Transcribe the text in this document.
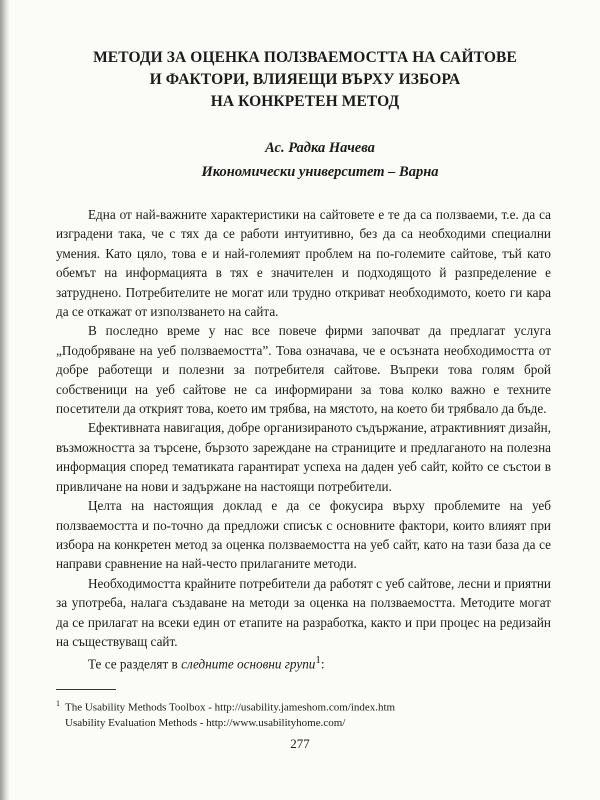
МЕТОДИ ЗА ОЦЕНКА ПОЛЗВАЕМОСТТА НА САЙТОВЕ
И ФАКТОРИ, ВЛИЯЕЩИ ВЪРХУ ИЗБОРА
НА КОНКРЕТЕН МЕТОД
Ас. Радка Начева
Икономически университет – Варна

Една от най-важните характеристики на сайтовете е те да са ползваеми, т.е. да са изградени така, че с тях да се работи интуитивно, без да са необходими специални умения. Като цяло, това е и най-големият проблем на по-големите сайтове, тъй като обемът на информацията в тях е значителен и подходящото й разпределение е затруднено. Потребителите не могат или трудно откриват необходимото, което ги кара да се откажат от използването на сайта.

В последно време у нас все повече фирми започват да предлагат услуга „Подобряване на уеб ползваемостта”. Това означава, че е осъзната необходимостта от добре работещи и полезни за потребителя сайтове. Въпреки това голям брой собственици на уеб сайтове не са информирани за това колко важно е техните посетители да открият това, което им трябва, на мястото, на което би трябвало да бъде.

Ефективната навигация, добре организираното съдържание, атрактивният дизайн, възможността за търсене, бързото зареждане на страниците и предлаганото на полезна информация според тематиката гарантират успеха на даден уеб сайт, който се състои в привличане на нови и задържане на настоящи потребители.

Целта на настоящия доклад е да се фокусира върху проблемите на уеб ползваемостта и по-точно да предложи списък с основните фактори, които влияят при избора на конкретен метод за оценка ползваемостта на уеб сайт, като на тази база да се направи сравнение на най-често прилаганите методи.

Необходимостта крайните потребители да работят с уеб сайтове, лесни и приятни за употреба, налага създаване на методи за оценка на ползваемостта. Методите могат да се прилагат на всеки един от етапите на разработка, както и при процес на редизайн на съществуващ сайт.

Те се разделят в следните основни групи$^1$:

$^1$ The Usability Methods Toolbox - http://usability.jameshom.com/index.htm
Usability Evaluation Methods - http://www.usabilityhome.com/
277
